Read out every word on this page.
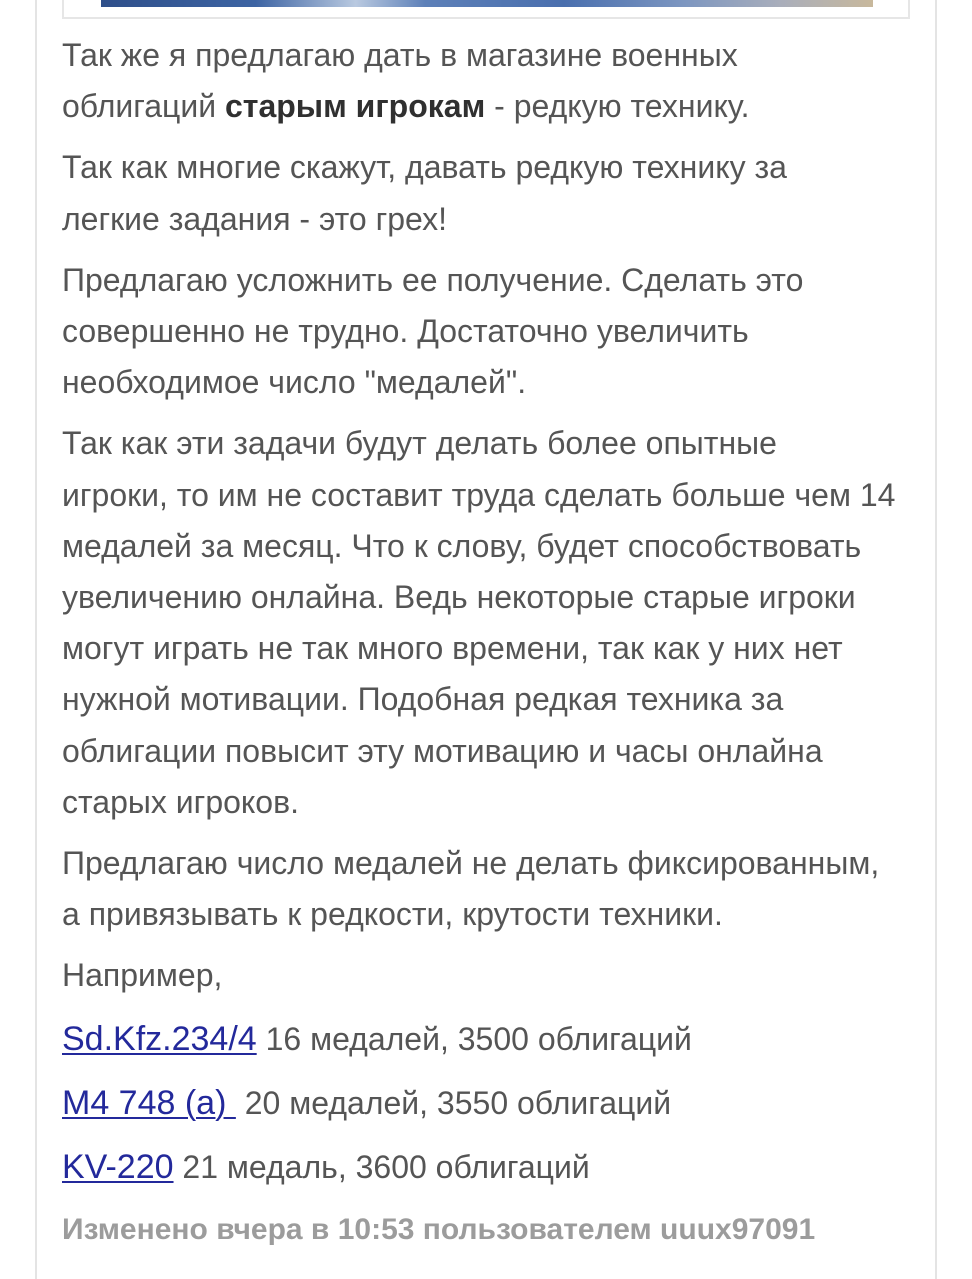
Так же я предлагаю дать в магазине военных
облигаций старым игрокам - редкую технику.

Так как многие скажут, давать редкую технику за
легкие задания - это грех!

Предлагаю усложнить ее получение. Сделать это
совершенно не трудно. Достаточно увеличить
необходимое число "медалей".

Так как эти задачи будут делать более опытные
игроки, то им не составит труда сделать больше чем 14
медалей за месяц. Что к слову, будет способствовать
увеличению онлайна. Ведь некоторые старые игроки
могут играть не так много времени, так как у них нет
нужной мотивации. Подобная редкая техника за
облигации повысит эту мотивацию и часы онлайна
старых игроков.

Предлагаю число медалей не делать фиксированным,
а привязывать к редкости, крутости техники.

Например,

Sd.Kfz.234/4 16 медалей, 3500 облигаций

M4 748 (a)  20 медалей, 3550 облигаций

KV-220 21 медаль, 3600 облигаций

Изменено вчера в 10:53 пользователем uuux97091
